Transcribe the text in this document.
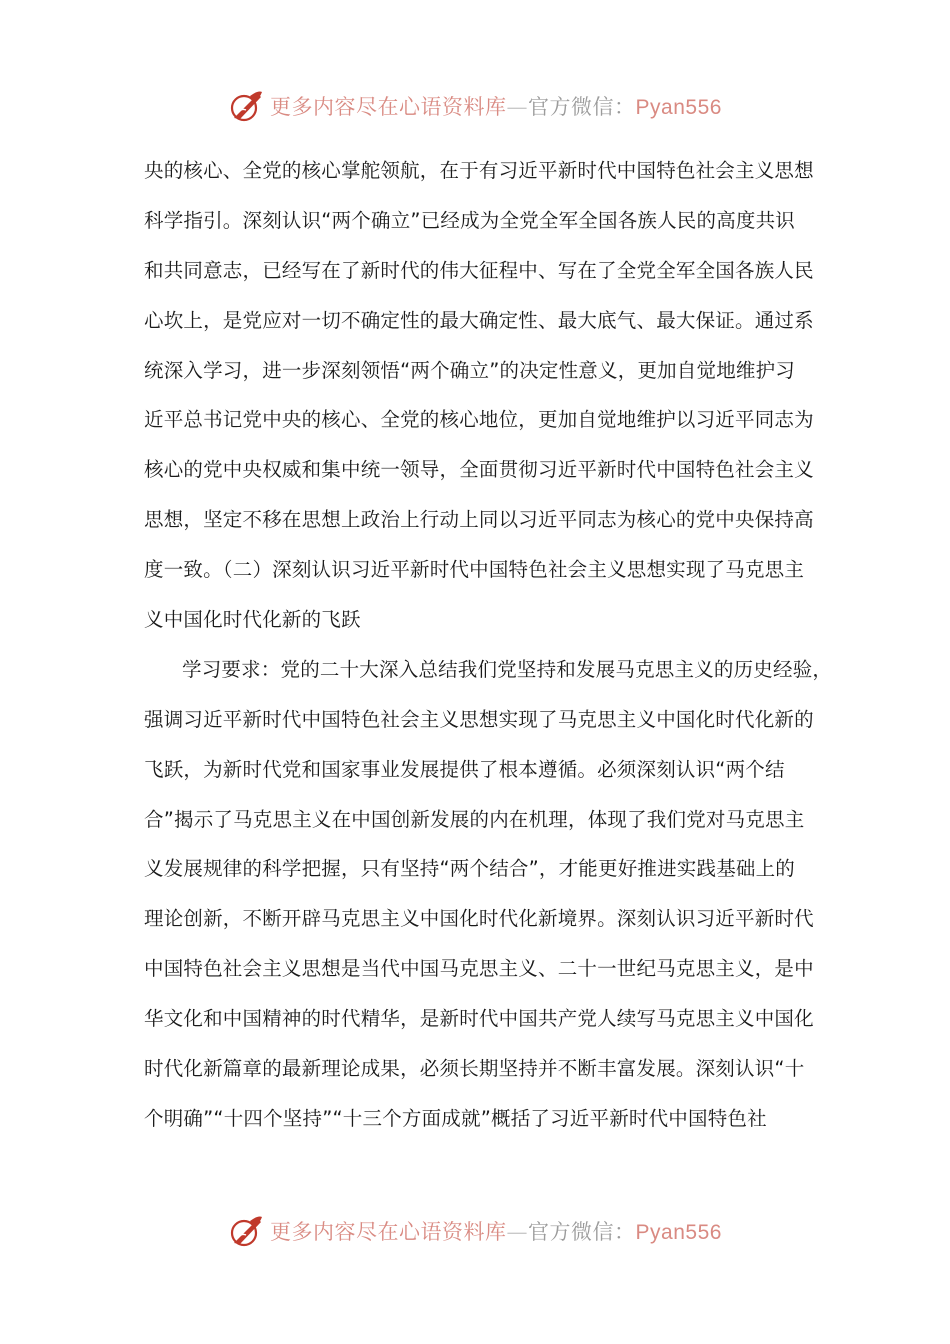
更多内容尽在心语资料库—官方微信：Pyan556
央的核心、全党的核心掌舵领航，在于有习近平新时代中国特色社会主义思想
科学指引。深刻认识“两个确立”已经成为全党全军全国各族人民的高度共识
和共同意志，已经写在了新时代的伟大征程中、写在了全党全军全国各族人民
心坎上，是党应对一切不确定性的最大确定性、最大底气、最大保证。通过系
统深入学习，进一步深刻领悟“两个确立”的决定性意义，更加自觉地维护习
近平总书记党中央的核心、全党的核心地位，更加自觉地维护以习近平同志为
核心的党中央权威和集中统一领导，全面贯彻习近平新时代中国特色社会主义
思想，坚定不移在思想上政治上行动上同以习近平同志为核心的党中央保持高
度一致。（二）深刻认识习近平新时代中国特色社会主义思想实现了马克思主
义中国化时代化新的飞跃
学习要求：党的二十大深入总结我们党坚持和发展马克思主义的历史经验，
强调习近平新时代中国特色社会主义思想实现了马克思主义中国化时代化新的
飞跃，为新时代党和国家事业发展提供了根本遵循。必须深刻认识“两个结
合”揭示了马克思主义在中国创新发展的内在机理，体现了我们党对马克思主
义发展规律的科学把握，只有坚持“两个结合”，才能更好推进实践基础上的
理论创新，不断开辟马克思主义中国化时代化新境界。深刻认识习近平新时代
中国特色社会主义思想是当代中国马克思主义、二十一世纪马克思主义，是中
华文化和中国精神的时代精华，是新时代中国共产党人续写马克思主义中国化
时代化新篇章的最新理论成果，必须长期坚持并不断丰富发展。深刻认识“十
个明确”“十四个坚持”“十三个方面成就”概括了习近平新时代中国特色社
更多内容尽在心语资料库—官方微信：Pyan556
